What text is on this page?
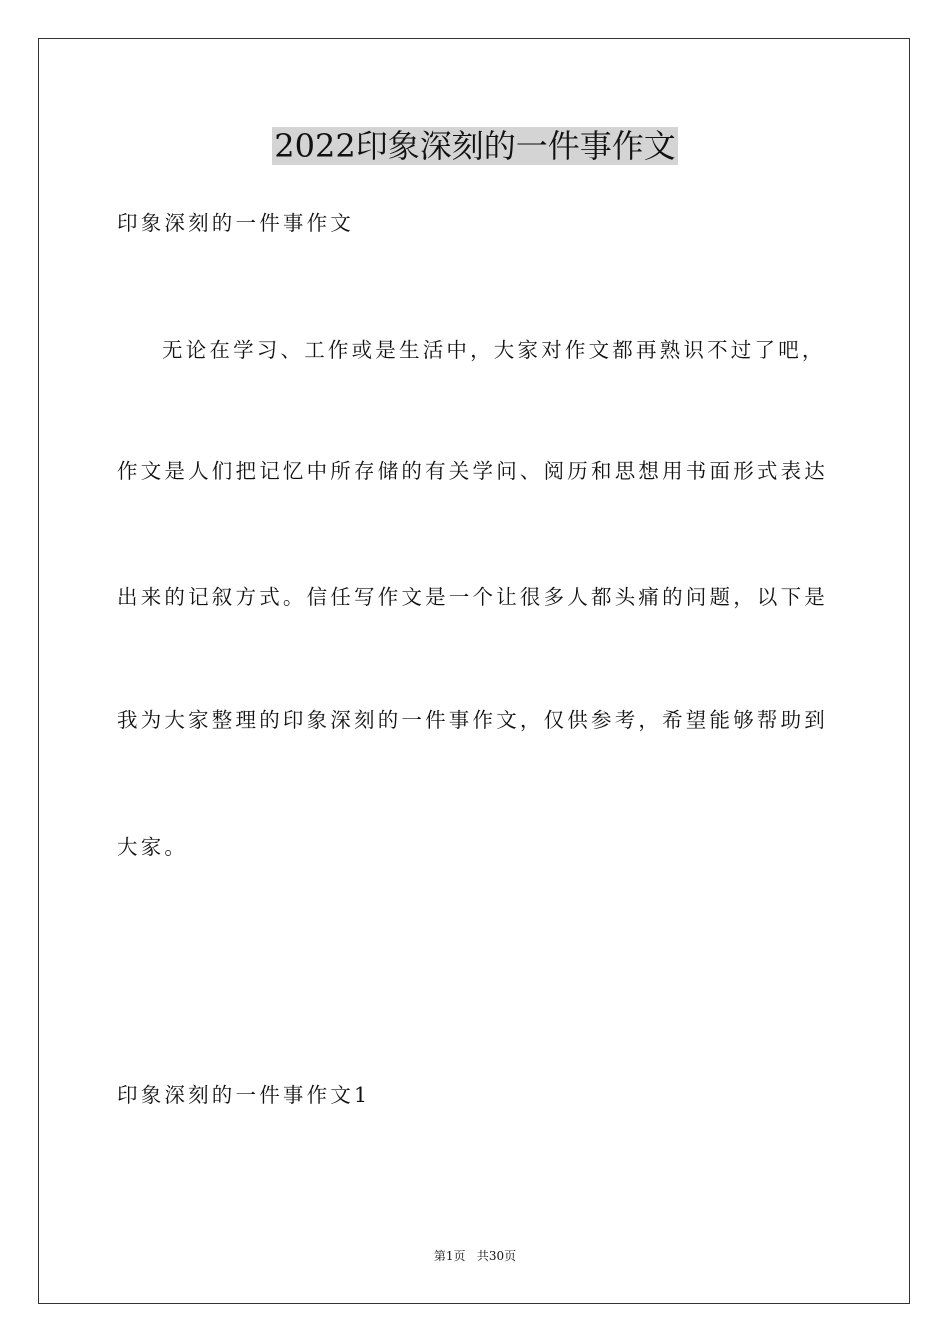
2022印象深刻的一件事作文

印象深刻的一件事作文

无论在学习、工作或是生活中，大家对作文都再熟识不过了吧，

作文是人们把记忆中所存储的有关学问、阅历和思想用书面形式表达

出来的记叙方式。信任写作文是一个让很多人都头痛的问题，以下是

我为大家整理的印象深刻的一件事作文，仅供参考，希望能够帮助到

大家。

印象深刻的一件事作文1

第1页   共30页
